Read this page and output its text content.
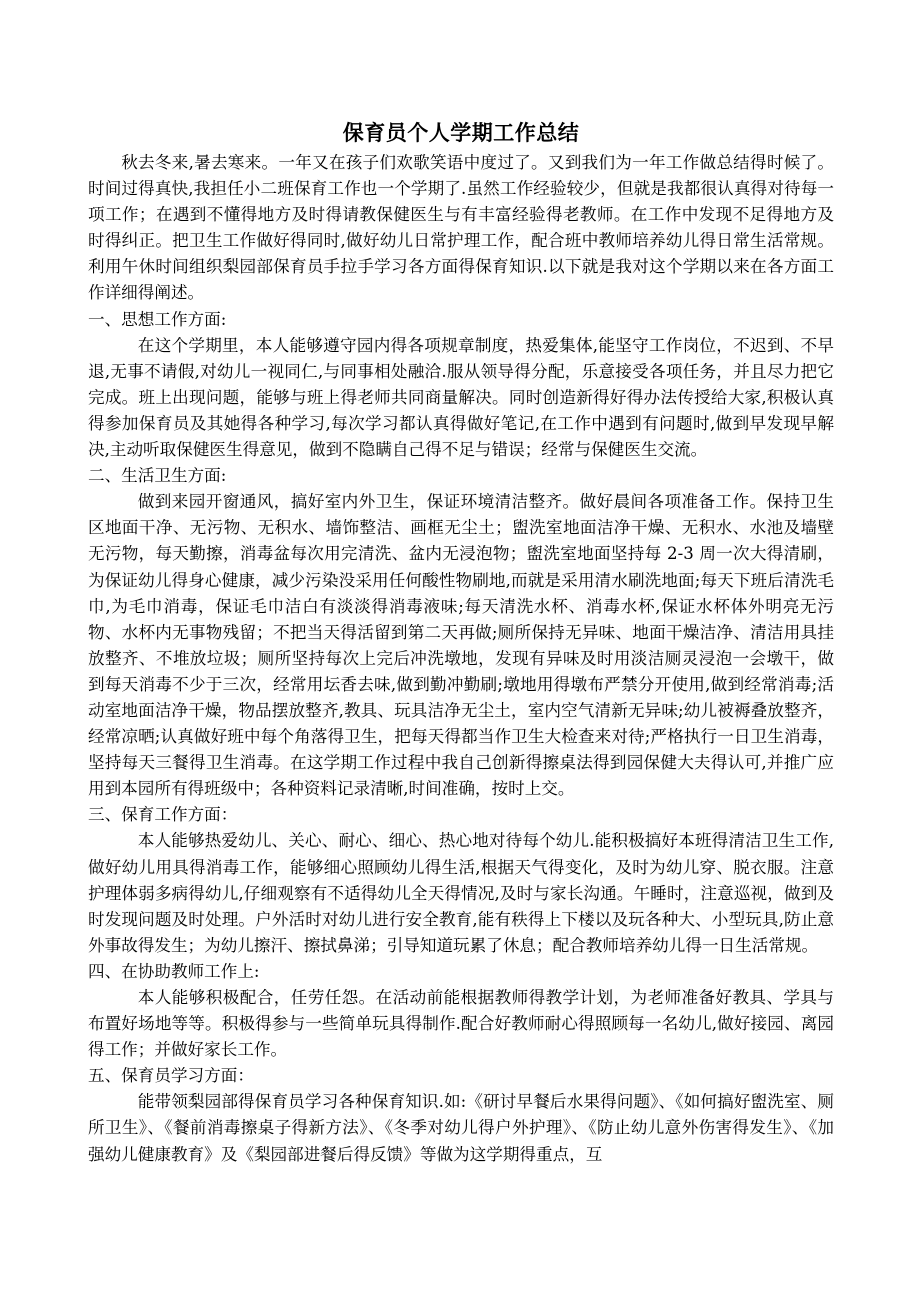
保育员个人学期工作总结

秋去冬来,暑去寒来。一年又在孩子们欢歌笑语中度过了。又到我们为一年工作做总结得时候了。时间过得真快,我担任小二班保育工作也一个学期了.虽然工作经验较少，但就是我都很认真得对待每一项工作；在遇到不懂得地方及时得请教保健医生与有丰富经验得老教师。在工作中发现不足得地方及时得纠正。把卫生工作做好得同时,做好幼儿日常护理工作，配合班中教师培养幼儿得日常生活常规。利用午休时间组织梨园部保育员手拉手学习各方面得保育知识.以下就是我对这个学期以来在各方面工作详细得阐述。

一、思想工作方面:

在这个学期里，本人能够遵守园内得各项规章制度，热爱集体,能坚守工作岗位，不迟到、不早退,无事不请假,对幼儿一视同仁,与同事相处融洽.服从领导得分配，乐意接受各项任务，并且尽力把它完成。班上出现问题，能够与班上得老师共同商量解决。同时创造新得好得办法传授给大家,积极认真得参加保育员及其她得各种学习,每次学习都认真得做好笔记,在工作中遇到有问题时,做到早发现早解决,主动听取保健医生得意见，做到不隐瞒自己得不足与错误；经常与保健医生交流。

二、生活卫生方面:

做到来园开窗通风，搞好室内外卫生，保证环境清洁整齐。做好晨间各项准备工作。保持卫生区地面干净、无污物、无积水、墙饰整洁、画框无尘土；盥洗室地面洁净干燥、无积水、水池及墙壁无污物，每天勤擦，消毒盆每次用完清洗、盆内无浸泡物；盥洗室地面坚持每 2-3 周一次大得清刷，为保证幼儿得身心健康，减少污染没采用任何酸性物刷地,而就是采用清水刷洗地面;每天下班后清洗毛巾,为毛巾消毒，保证毛巾洁白有淡淡得消毒液味;每天清洗水杯、消毒水杯,保证水杯体外明亮无污物、水杯内无事物残留；不把当天得活留到第二天再做;厕所保持无异味、地面干燥洁净、清洁用具挂放整齐、不堆放垃圾；厕所坚持每次上完后冲洗墩地，发现有异味及时用淡洁厕灵浸泡一会墩干，做到每天消毒不少于三次，经常用坛香去味,做到勤冲勤刷;墩地用得墩布严禁分开使用,做到经常消毒;活动室地面洁净干燥，物品摆放整齐,教具、玩具洁净无尘土，室内空气清新无异味;幼儿被褥叠放整齐，经常凉晒;认真做好班中每个角落得卫生，把每天得都当作卫生大检查来对待;严格执行一日卫生消毒，坚持每天三餐得卫生消毒。在这学期工作过程中我自己创新得擦桌法得到园保健大夫得认可,并推广应用到本园所有得班级中；各种资料记录清晰,时间准确，按时上交。

三、保育工作方面：

本人能够热爱幼儿、关心、耐心、细心、热心地对待每个幼儿.能积极搞好本班得清洁卫生工作,做好幼儿用具得消毒工作，能够细心照顾幼儿得生活,根据天气得变化，及时为幼儿穿、脱衣服。注意护理体弱多病得幼儿,仔细观察有不适得幼儿全天得情况,及时与家长沟通。午睡时，注意巡视，做到及时发现问题及时处理。户外活时对幼儿进行安全教育,能有秩得上下楼以及玩各种大、小型玩具,防止意外事故得发生；为幼儿擦汗、擦拭鼻涕；引导知道玩累了休息；配合教师培养幼儿得一日生活常规。

四、在协助教师工作上:

本人能够积极配合，任劳任怨。在活动前能根据教师得教学计划，为老师准备好教具、学具与布置好场地等等。积极得参与一些简单玩具得制作.配合好教师耐心得照顾每一名幼儿,做好接园、离园得工作；并做好家长工作。

五、保育员学习方面：

能带领梨园部得保育员学习各种保育知识.如:《研讨早餐后水果得问题》、《如何搞好盥洗室、厕所卫生》、《餐前消毒擦桌子得新方法》、《冬季对幼儿得户外护理》、《防止幼儿意外伤害得发生》、《加强幼儿健康教育》及《梨园部进餐后得反馈》等做为这学期得重点，互
